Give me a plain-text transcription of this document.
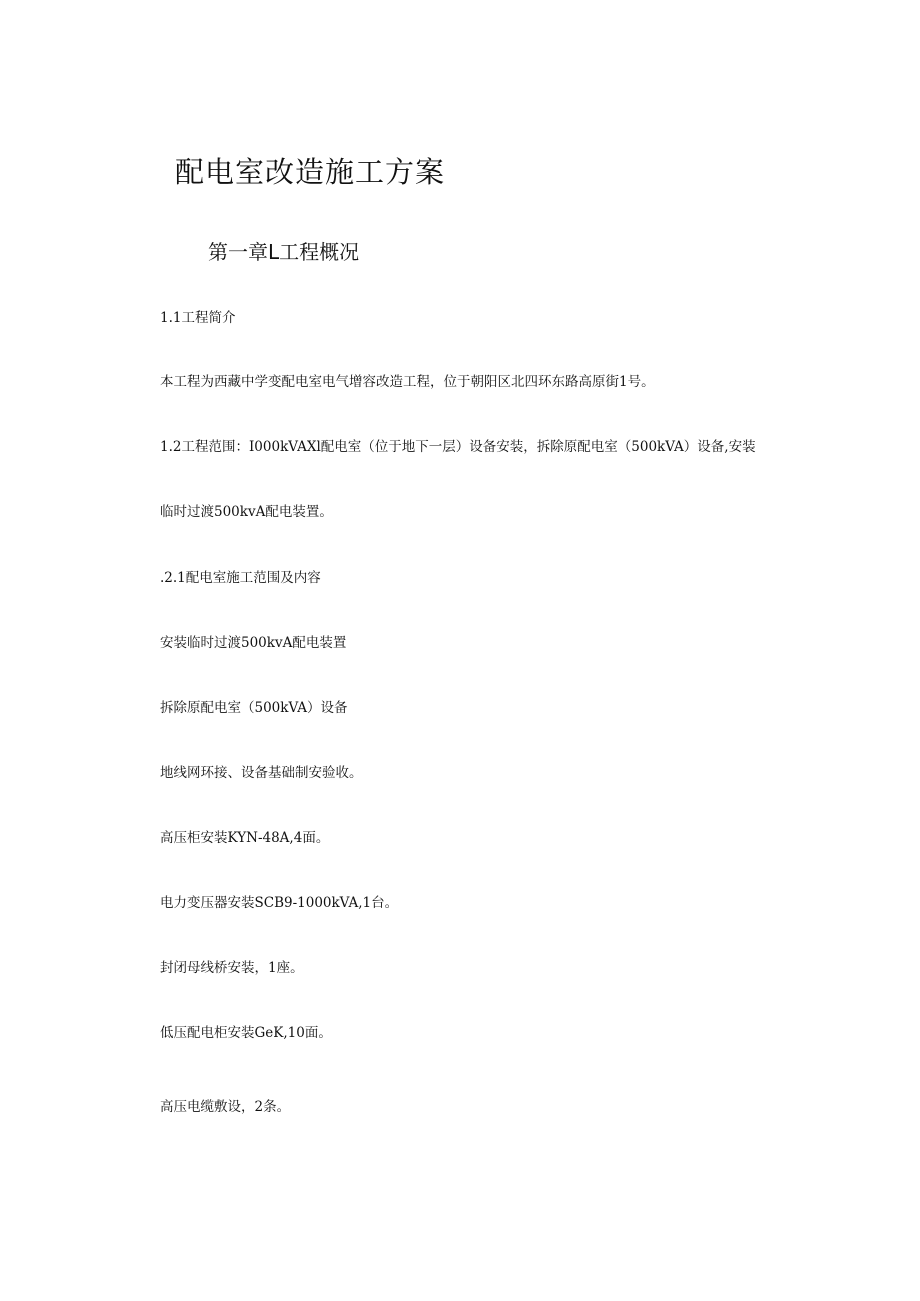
配电室改造施工方案
第一章L工程概况
1.1工程简介
本工程为西藏中学变配电室电气增容改造工程，位于朝阳区北四环东路高原街1号。
1.2工程范围：I000kVAXl配电室（位于地下一层）设备安装，拆除原配电室（500kVA）设备,安装
临时过渡500kvA配电装置。
.2.1配电室施工范围及内容
安装临时过渡500kvA配电装置
拆除原配电室（500kVA）设备
地线网环接、设备基础制安验收。
高压柜安装KYN-48A,4面。
电力变压器安装SCB9-1000kVA,1台。
封闭母线桥安装，1座。
低压配电柜安装GeK,10面。
高压电缆敷设，2条。
